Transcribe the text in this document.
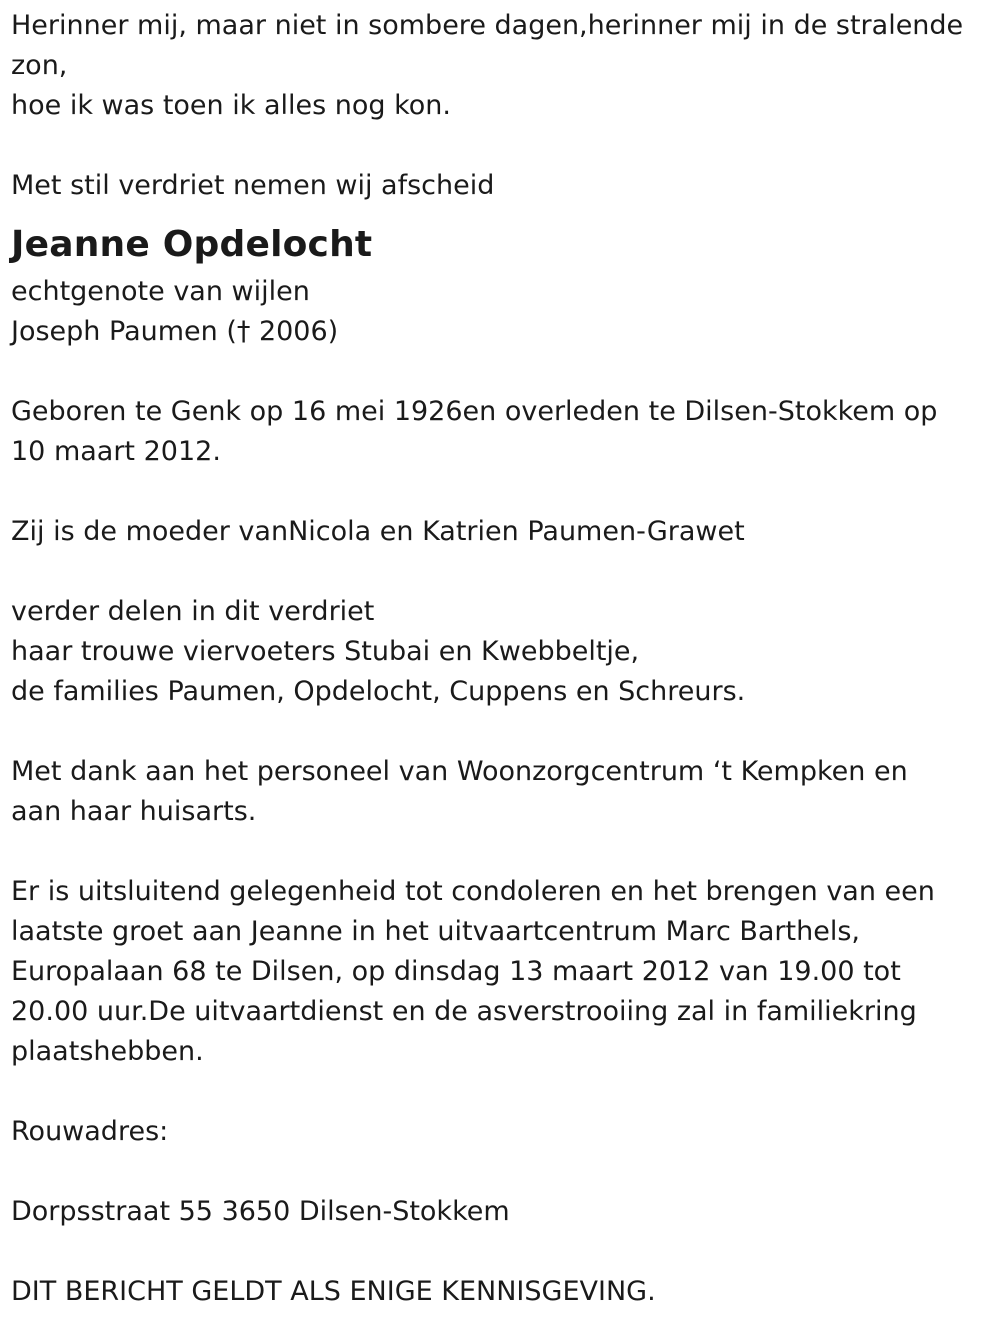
Herinner mij, maar niet in sombere dagen,herinner mij in de stralende zon,

hoe ik was toen ik alles nog kon.

Met stil verdriet nemen wij afscheid

Jeanne Opdelocht

echtgenote van wijlen

Joseph Paumen († 2006)

Geboren te Genk op 16 mei 1926en overleden te Dilsen-Stokkem op 10 maart 2012.

Zij is de moeder vanNicola en Katrien Paumen-Grawet

verder delen in dit verdriet

haar trouwe viervoeters Stubai en Kwebbeltje,

de families Paumen, Opdelocht, Cuppens en Schreurs.

Met dank aan het personeel van Woonzorgcentrum ‘t Kempken en aan haar huisarts.

Er is uitsluitend gelegenheid tot condoleren en het brengen van een laatste groet aan Jeanne in het uitvaartcentrum Marc Barthels, Europalaan 68 te Dilsen, op dinsdag 13 maart 2012 van 19.00 tot 20.00 uur.De uitvaartdienst en de asverstrooiing zal in familiekring plaatshebben.

Rouwadres:

Dorpsstraat 55 3650 Dilsen-Stokkem

DIT BERICHT GELDT ALS ENIGE KENNISGEVING.
